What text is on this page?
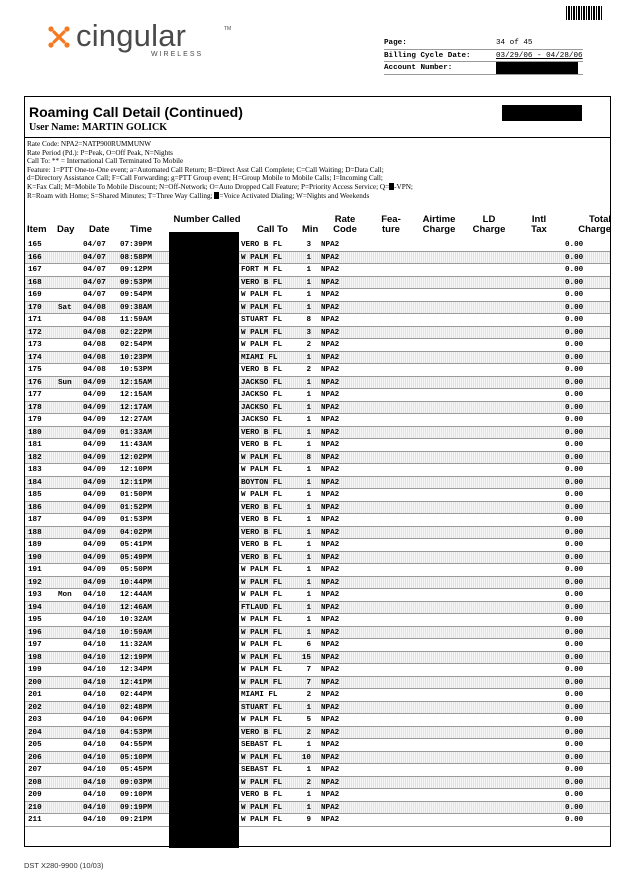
cingular	TM
WIRELESS
Page:	34 of 45
Billing Cycle Date:	03/29/06 - 04/28/06
Account Number:
Roaming Call Detail (Continued)
User Name: MARTIN GOLICK
Rate Code: NPA2=NATP900RUMMUNW
Rate Period (Pd.): P=Peak, O=Off Peak, N=Nights
Call To: ** = International Call Terminated To Mobile
Feature: 1=PTT One-to-One event; a=Automated Call Return; B=Direct Asst Call Complete; C=Call Waiting; D=Data Call;
d=Directory Assistance Call; F=Call Forwarding; g=PTT Group event; H=Group Mobile to Mobile Calls; I=Incoming Call;
K=Fax Call; M=Mobile To Mobile Discount; N=Off-Network; O=Auto Dropped Call Feature; P=Priority Access Service; Q= -VPN;
R=Roam with Home; S=Shared Minutes; T=Three Way Calling; =Voice Activated Dialing; W=Nights and Weekends
Item Day Date Time
Number Called
Call To Min
Rate
Code
Fea-
ture
Airtime
Charge
LD
Charge
Intl
Tax
Total
Charge
165	04/07 07:39PM	VERO B FL	3 NPA2	0.00
166	04/07 08:58PM	W PALM FL	1 NPA2	0.00
167	04/07 09:12PM	FORT M FL	1 NPA2	0.00
168	04/07 09:53PM	VERO B FL	1 NPA2	0.00
169	04/07 09:54PM	W PALM FL	1 NPA2	0.00
170 Sat 04/08 09:38AM	W PALM FL	1 NPA2	0.00
171	04/08 11:59AM	STUART FL	8 NPA2	0.00
172	04/08 02:22PM	W PALM FL	3 NPA2	0.00
173	04/08 02:54PM	W PALM FL	2 NPA2	0.00
174	04/08 10:23PM	MIAMI FL	1 NPA2	0.00
175	04/08 10:53PM	VERO B FL	2 NPA2	0.00
176 Sun 04/09 12:15AM	JACKSO FL	1 NPA2	0.00
177	04/09 12:15AM	JACKSO FL	1 NPA2	0.00
178	04/09 12:17AM	JACKSO FL	1 NPA2	0.00
179	04/09 12:27AM	JACKSO FL	1 NPA2	0.00
180	04/09 01:33AM	VERO B FL	1 NPA2	0.00
181	04/09 11:43AM	VERO B FL	1 NPA2	0.00
182	04/09 12:02PM	W PALM FL	8 NPA2	0.00
183	04/09 12:10PM	W PALM FL	1 NPA2	0.00
184	04/09 12:11PM	BOYTON FL	1 NPA2	0.00
185	04/09 01:50PM	W PALM FL	1 NPA2	0.00
186	04/09 01:52PM	VERO B FL	1 NPA2	0.00
187	04/09 01:53PM	VERO B FL	1 NPA2	0.00
188	04/09 04:02PM	VERO B FL	1 NPA2	0.00
189	04/09 05:41PM	VERO B FL	1 NPA2	0.00
190	04/09 05:49PM	VERO B FL	1 NPA2	0.00
191	04/09 05:50PM	W PALM FL	1 NPA2	0.00
192	04/09 10:44PM	W PALM FL	1 NPA2	0.00
193 Mon 04/10 12:44AM	W PALM FL	1 NPA2	0.00
194	04/10 12:46AM	FTLAUD FL	1 NPA2	0.00
195	04/10 10:32AM	W PALM FL	1 NPA2	0.00
196	04/10 10:59AM	W PALM FL	1 NPA2	0.00
197	04/10 11:32AM	W PALM FL	6 NPA2	0.00
198	04/10 12:19PM	W PALM FL	15 NPA2	0.00
199	04/10 12:34PM	W PALM FL	7 NPA2	0.00
200	04/10 12:41PM	W PALM FL	7 NPA2	0.00
201	04/10 02:44PM	MIAMI FL	2 NPA2	0.00
202	04/10 02:48PM	STUART FL	1 NPA2	0.00
203	04/10 04:06PM	W PALM FL	5 NPA2	0.00
204	04/10 04:53PM	VERO B FL	2 NPA2	0.00
205	04/10 04:55PM	SEBAST FL	1 NPA2	0.00
206	04/10 05:10PM	W PALM FL	10 NPA2	0.00
207	04/10 05:45PM	SEBAST FL	1 NPA2	0.00
208	04/10 09:03PM	W PALM FL	2 NPA2	0.00
209	04/10 09:10PM	VERO B FL	1 NPA2	0.00
210	04/10 09:19PM	W PALM FL	1 NPA2	0.00
211	04/10 09:21PM	W PALM FL	9 NPA2	0.00
DST X280-9900 (10/03)
